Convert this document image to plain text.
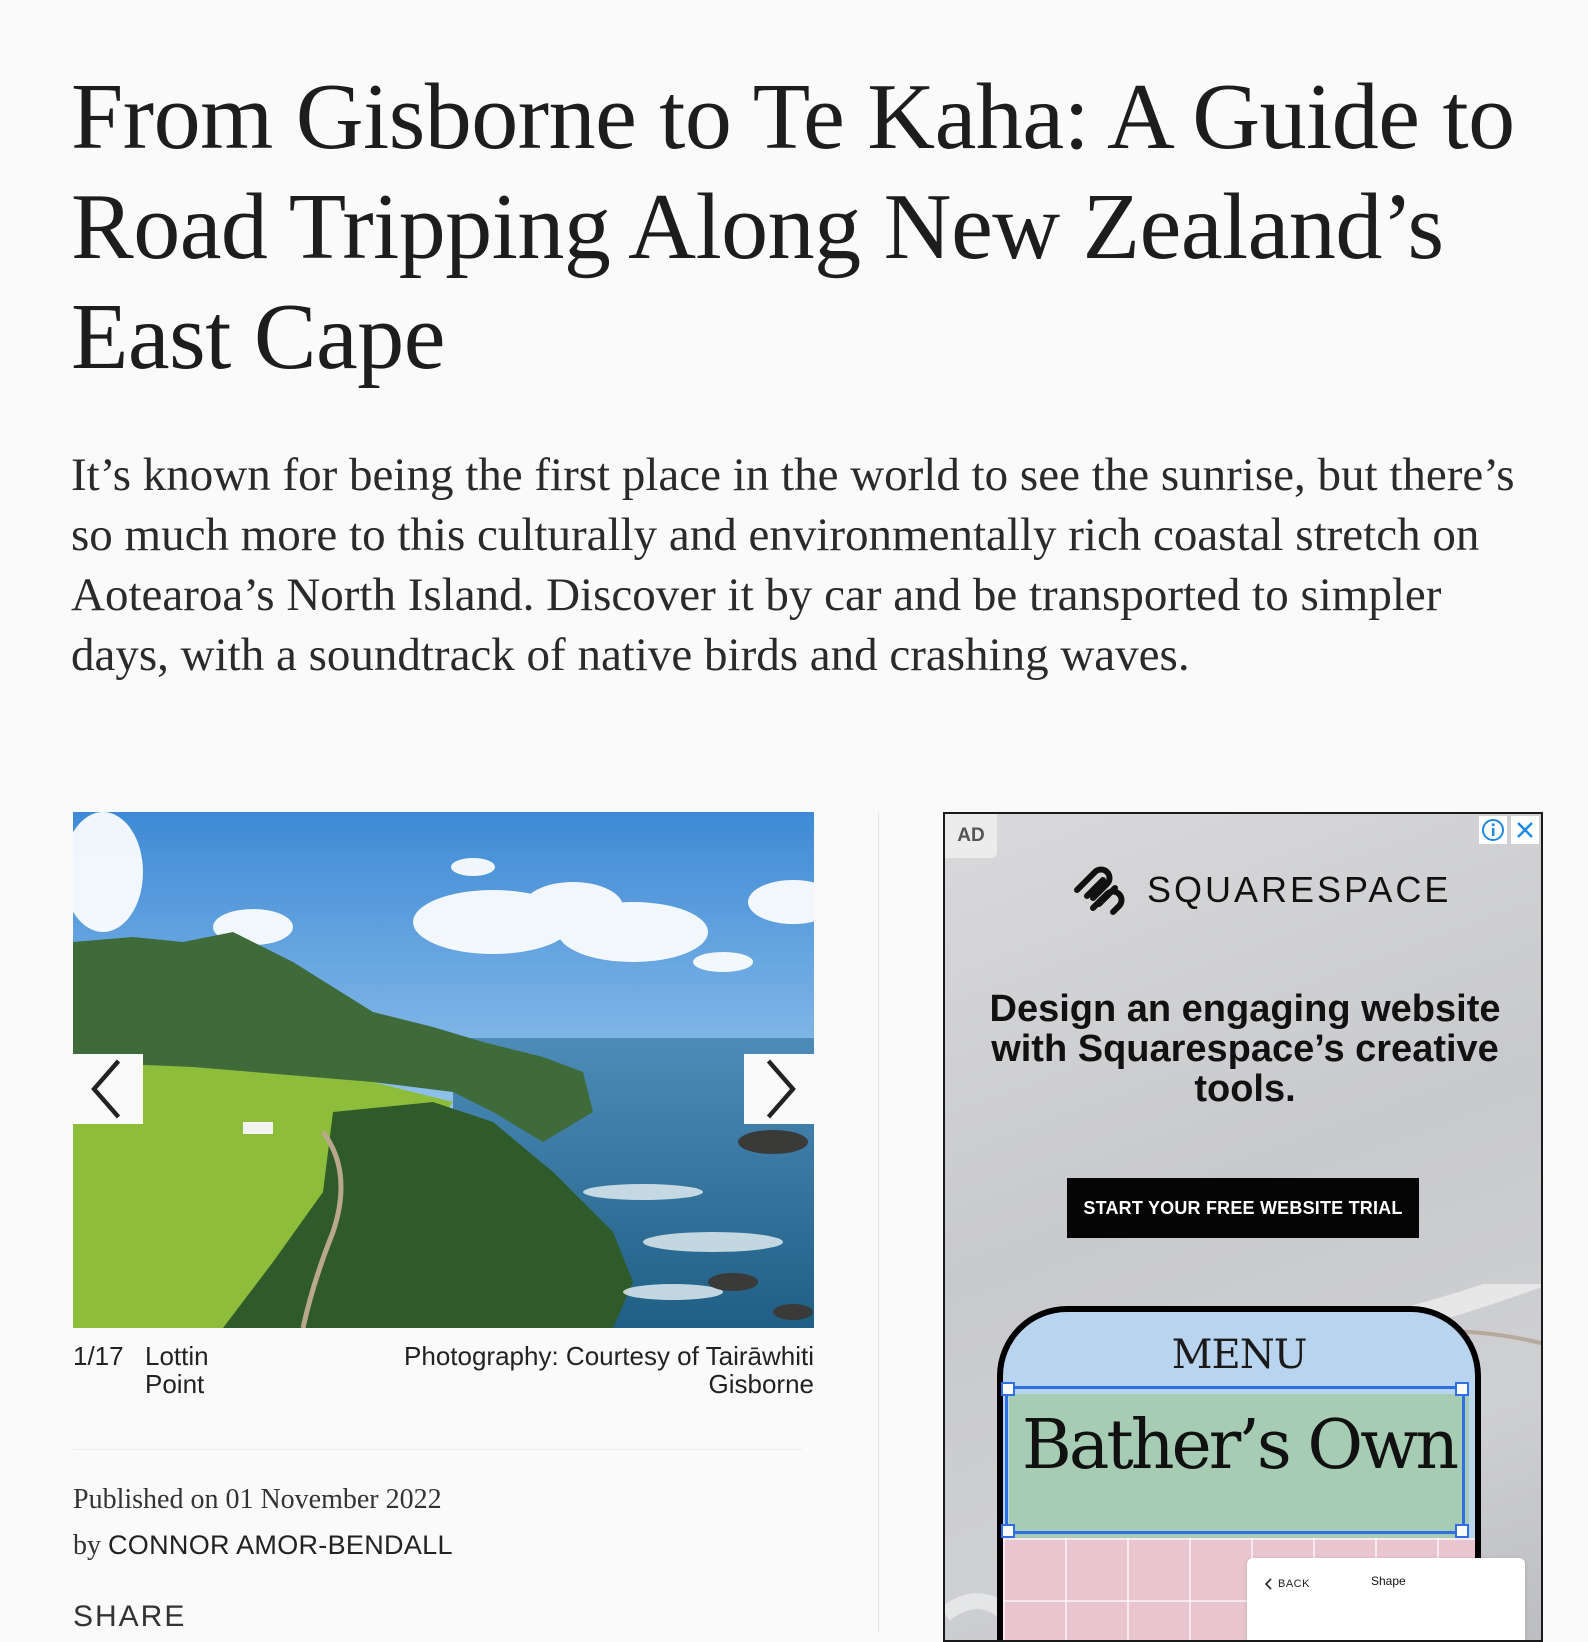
From Gisborne to Te Kaha: A Guide to Road Tripping Along New Zealand’s East Cape

It’s known for being the first place in the world to see the sunrise, but there’s so much more to this culturally and environmentally rich coastal stretch on Aotearoa’s North Island. Discover it by car and be transported to simpler days, with a soundtrack of native birds and crashing waves.

1/17 Lottin Point
Photography: Courtesy of Tairāwhiti Gisborne
Published on 01 November 2022
by CONNOR AMOR-BENDALL
SHARE
AD
SQUARESPACE
Design an engaging website with Squarespace’s creative tools.
START YOUR FREE WEBSITE TRIAL
MENU
Bather’s Own
BACK	Shape
